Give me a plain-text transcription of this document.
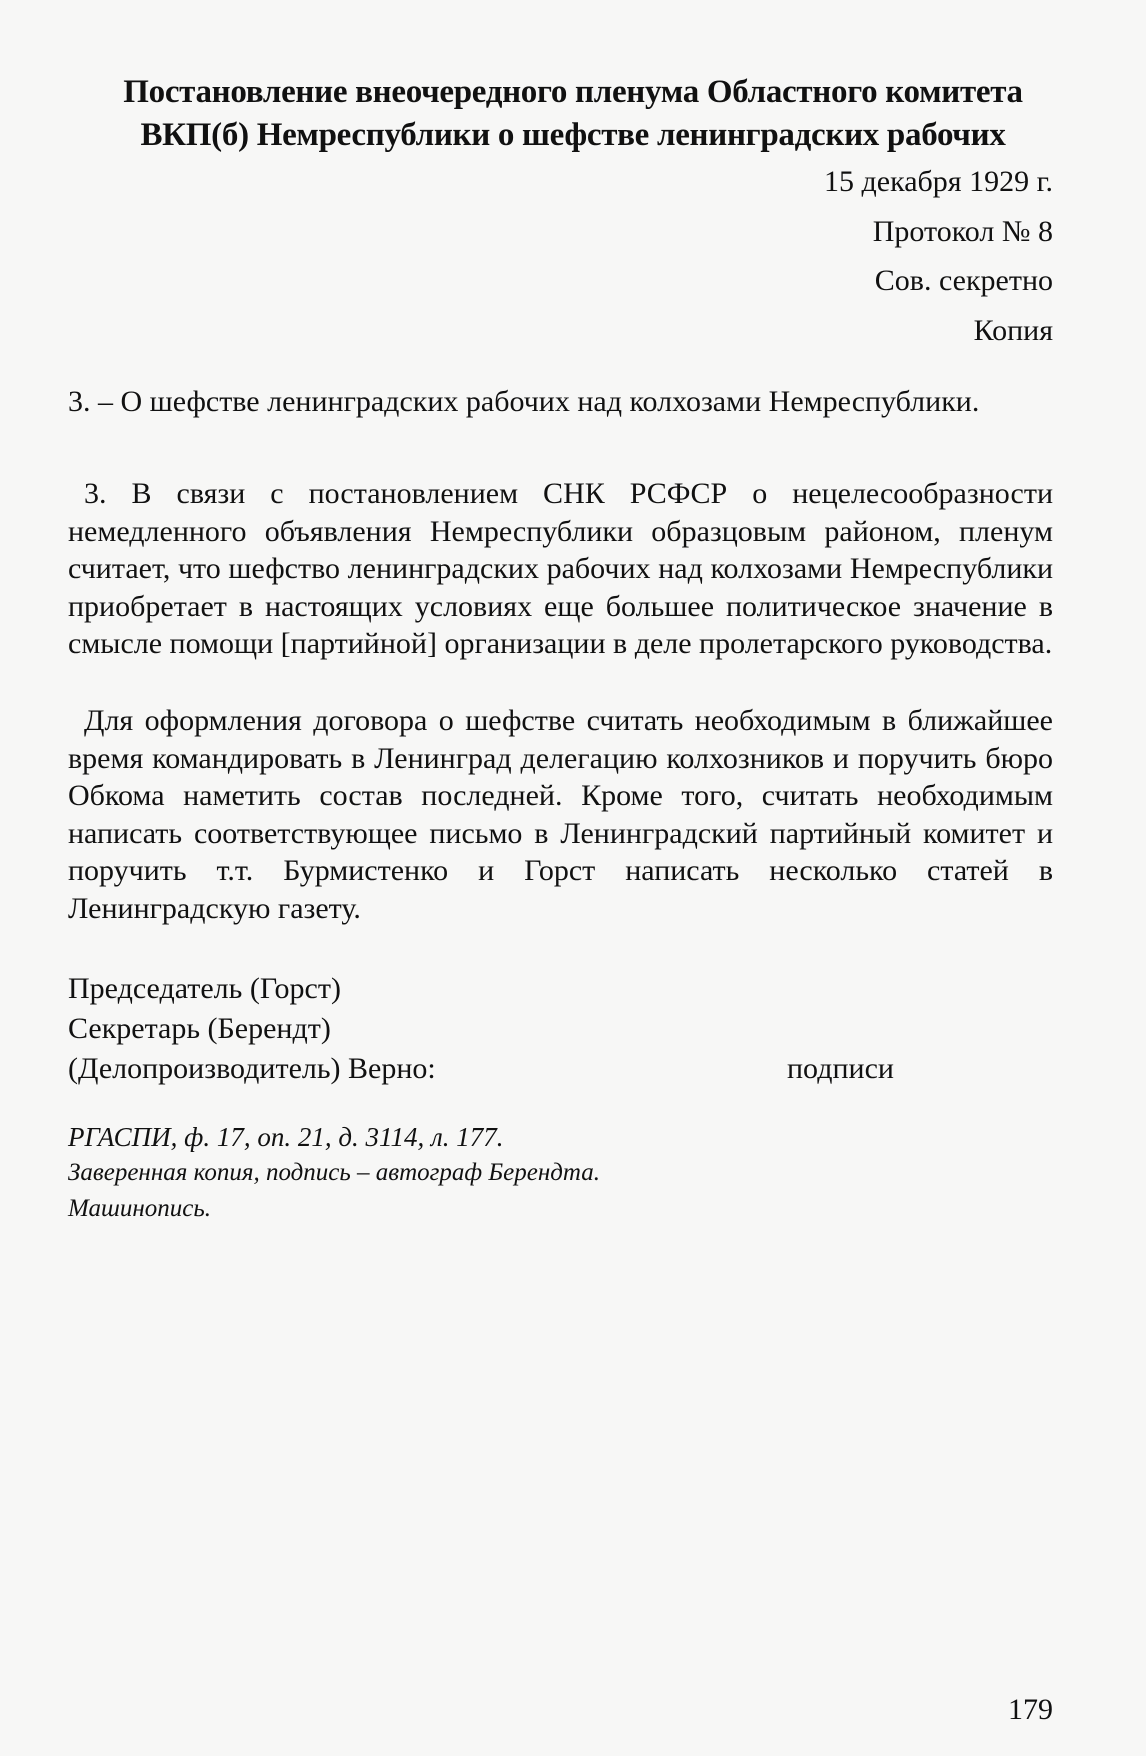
Постановление внеочередного пленума Областного комитета
ВКП(б) Немреспублики о шефстве ленинградских рабочих
15 декабря 1929 г.
Протокол № 8
Сов. секретно
Копия
3. – О шефстве ленинградских рабочих над колхозами Немреспублики.
3. В связи с постановлением СНК РСФСР о нецелесообразности немедленного объявления Немреспублики образцовым районом, пленум считает, что шефство ленинградских рабочих над колхозами Немреспублики приобретает в настоящих условиях еще большее политическое значение в смысле помощи [партийной] организации в деле пролетарского руководства.
Для оформления договора о шефстве считать необходимым в ближайшее время командировать в Ленинград делегацию колхозников и поручить бюро Обкома наметить состав последней. Кроме того, считать необходимым написать соответствующее письмо в Ленинградский партийный комитет и поручить т.т. Бурмистенко и Горст написать несколько статей в Ленинградскую газету.
Председатель (Горст)
Секретарь (Берендт)
(Делопроизводитель) Верно:	подписи
РГАСПИ, ф. 17, оп. 21, д. 3114, л. 177.
Заверенная копия, подпись – автограф Берендта.
Машинопись.
179
